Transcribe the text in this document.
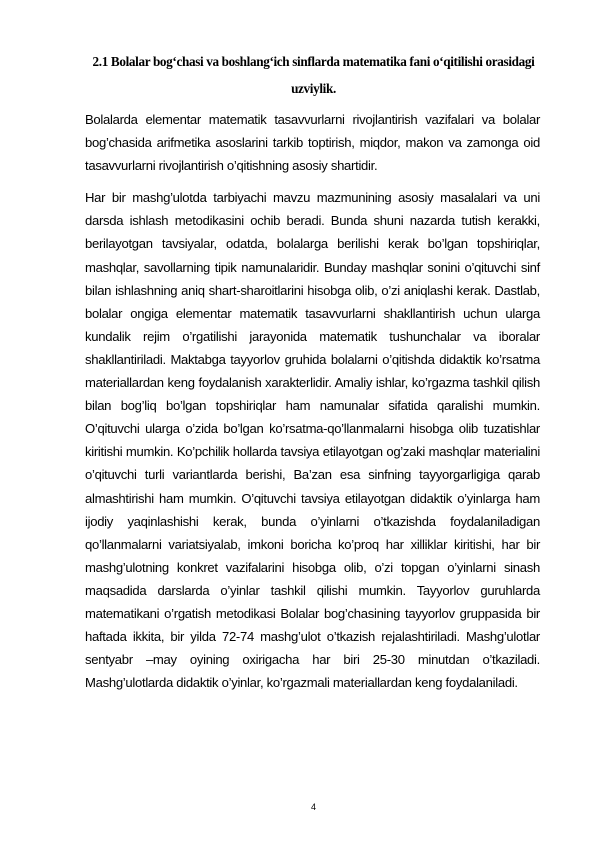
2.1 Bolalar bog‘chasi va boshlang‘ich sinflarda matematika fani o‘qitilishi orasidagi uzviylik.

Bolalarda elementar matematik tasavvurlarni rivojlantirish vazifalari va bolalar bog’chasida arifmetika asoslarini tarkib toptirish, miqdor, makon va zamonga oid tasavvurlarni rivojlantirish o’qitishning asosiy shartidir.

Har bir mashg’ulotda tarbiyachi mavzu mazmunining asosiy masalalari va uni darsda ishlash metodikasini ochib beradi. Bunda shuni nazarda tutish kerakki, berilayotgan tavsiyalar, odatda, bolalarga berilishi kerak bo’lgan topshiriqlar, mashqlar, savollarning tipik namunalaridir. Bunday mashqlar sonini o’qituvchi sinf bilan ishlashning aniq shart-sharoitlarini hisobga olib, o’zi aniqlashi kerak. Dastlab, bolalar ongiga elementar matematik tasavvurlarni shakllantirish uchun ularga kundalik rejim o’rgatilishi jarayonida matematik tushunchalar va iboralar shakllantiriladi. Maktabga tayyorlov gruhida bolalarni o’qitishda didaktik ko’rsatma materiallardan keng foydalanish xarakterlidir. Amaliy ishlar, ko’rgazma tashkil qilish bilan bog’liq bo’lgan topshiriqlar ham namunalar sifatida qaralishi mumkin. O’qituvchi ularga o’zida bo’lgan ko’rsatma-qo’llanmalarni hisobga olib tuzatishlar kiritishi mumkin. Ko’pchilik hollarda tavsiya etilayotgan og’zaki mashqlar materialini o’qituvchi turli variantlarda berishi, Ba’zan esa sinfning tayyorgarligiga qarab almashtirishi ham mumkin. O’qituvchi tavsiya etilayotgan didaktik o’yinlarga ham ijodiy yaqinlashishi kerak, bunda o’yinlarni o’tkazishda foydalaniladigan qo’llanmalarni variatsiyalab, imkoni boricha ko’proq har xilliklar kiritishi, har bir mashg’ulotning konkret vazifalarini hisobga olib, o’zi topgan o’yinlarni sinash maqsadida darslarda o’yinlar tashkil qilishi mumkin. Tayyorlov guruhlarda matematikani o’rgatish metodikasi Bolalar bog’chasining tayyorlov gruppasida bir haftada ikkita, bir yilda 72-74 mashg’ulot o’tkazish rejalashtiriladi. Mashg’ulotlar sentyabr –may oyining oxirigacha har biri 25-30 minutdan o’tkaziladi. Mashg’ulotlarda didaktik o’yinlar, ko’rgazmali materiallardan keng foydalaniladi.

4
